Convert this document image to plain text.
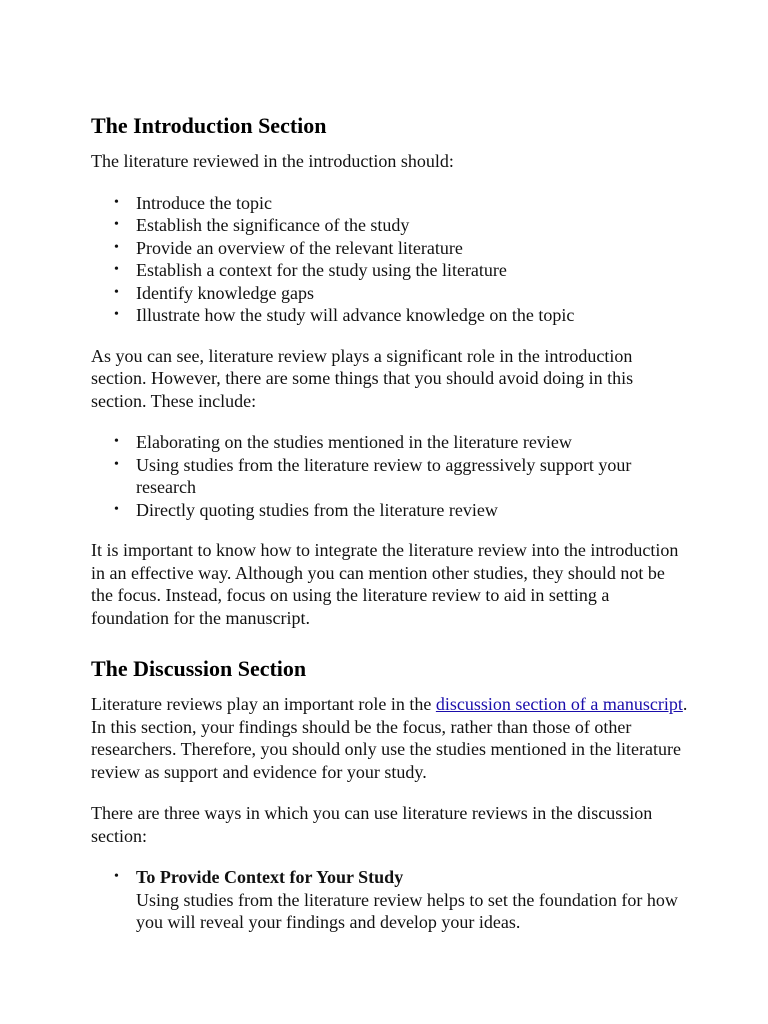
The Introduction Section

The literature reviewed in the introduction should:

• Introduce the topic
• Establish the significance of the study
• Provide an overview of the relevant literature
• Establish a context for the study using the literature
• Identify knowledge gaps
• Illustrate how the study will advance knowledge on the topic

As you can see, literature review plays a significant role in the introduction section. However, there are some things that you should avoid doing in this section. These include:

• Elaborating on the studies mentioned in the literature review
• Using studies from the literature review to aggressively support your research
• Directly quoting studies from the literature review

It is important to know how to integrate the literature review into the introduction in an effective way. Although you can mention other studies, they should not be the focus. Instead, focus on using the literature review to aid in setting a foundation for the manuscript.

The Discussion Section

Literature reviews play an important role in the discussion section of a manuscript. In this section, your findings should be the focus, rather than those of other researchers. Therefore, you should only use the studies mentioned in the literature review as support and evidence for your study.

There are three ways in which you can use literature reviews in the discussion section:

• To Provide Context for Your Study
Using studies from the literature review helps to set the foundation for how you will reveal your findings and develop your ideas.
